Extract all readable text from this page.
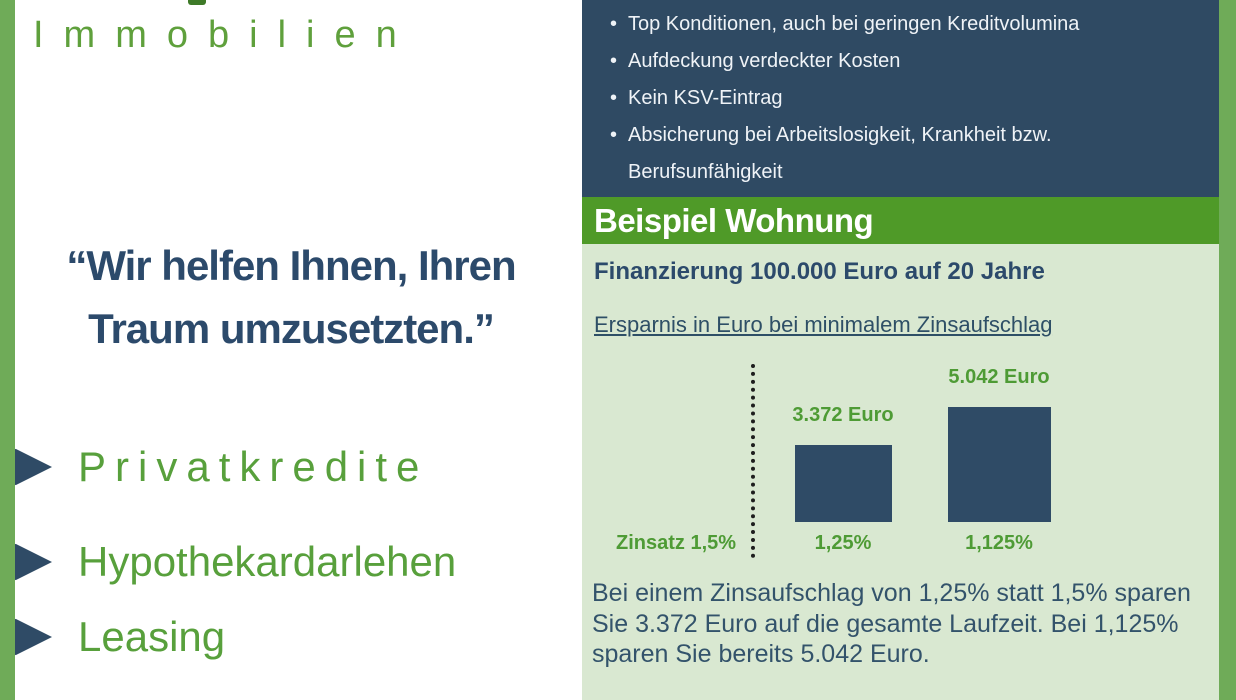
Immobilien
“Wir helfen Ihnen, Ihren
Traum umzusetzten.”
Privatkredite
Hypothekardarlehen
Leasing
• Top Konditionen, auch bei geringen Kreditvolumina
• Aufdeckung verdeckter Kosten
• Kein KSV-Eintrag
• Absicherung bei Arbeitslosigkeit, Krankheit bzw. Berufsunfähigkeit
Beispiel Wohnung
Finanzierung 100.000 Euro auf 20 Jahre
Ersparnis in Euro bei minimalem Zinsaufschlag
Zinsatz 1,5%
3.372 Euro
5.042 Euro
1,25%	1,125%
Bei einem Zinsaufschlag von 1,25% statt 1,5% sparen Sie 3.372 Euro auf die gesamte Laufzeit. Bei 1,125% sparen Sie bereits 5.042 Euro.
